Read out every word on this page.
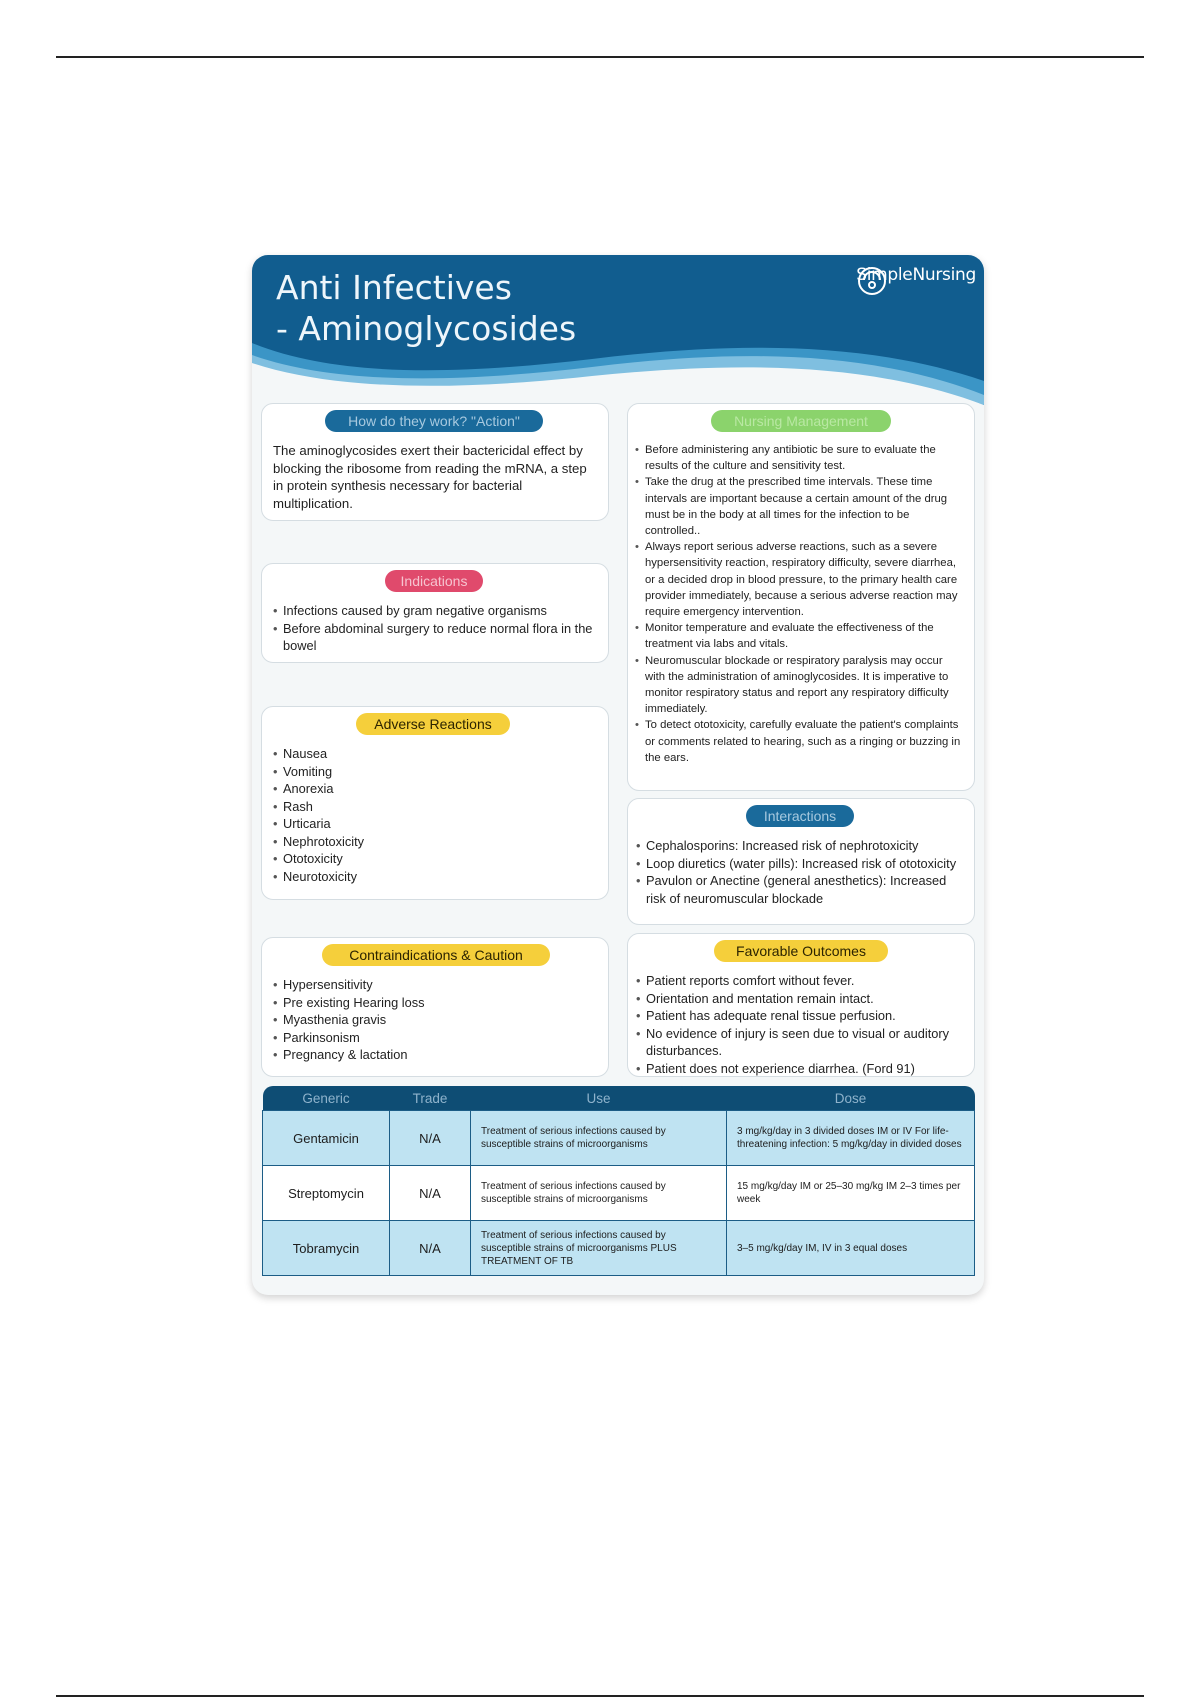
Anti Infectives
- Aminoglycosides
SimpleNursing
How do they work? "Action"

The aminoglycosides exert their bactericidal effect by blocking the ribosome from reading the mRNA, a step in protein synthesis necessary for bacterial multiplication.

Indications
• Infections caused by gram negative organisms
• Before abdominal surgery to reduce normal flora in the bowel
Adverse Reactions
• Nausea
• Vomiting
• Anorexia
• Rash
• Urticaria
• Nephrotoxicity
• Ototoxicity
• Neurotoxicity
Contraindications & Caution
• Hypersensitivity
• Pre existing Hearing loss
• Myasthenia gravis
• Parkinsonism
• Pregnancy & lactation
Nursing Management
• Before administering any antibiotic be sure to evaluate the results of the culture and sensitivity test.
• Take the drug at the prescribed time intervals. These time intervals are important because a certain amount of the drug must be in the body at all times for the infection to be controlled..
• Always report serious adverse reactions, such as a severe hypersensitivity reaction, respiratory difficulty, severe diarrhea, or a decided drop in blood pressure, to the primary health care provider immediately, because a serious adverse reaction may require emergency intervention.
• Monitor temperature and evaluate the effectiveness of the treatment via labs and vitals.
• Neuromuscular blockade or respiratory paralysis may occur with the administration of aminoglycosides. It is imperative to monitor respiratory status and report any respiratory difficulty immediately.
• To detect ototoxicity, carefully evaluate the patient's complaints or comments related to hearing, such as a ringing or buzzing in the ears.
Interactions
• Cephalosporins: Increased risk of nephrotoxicity
• Loop diuretics (water pills): Increased risk of ototoxicity
• Pavulon or Anectine (general anesthetics): Increased risk of neuromuscular blockade
Favorable Outcomes
• Patient reports comfort without fever.
• Orientation and mentation remain intact.
• Patient has adequate renal tissue perfusion.
• No evidence of injury is seen due to visual or auditory disturbances.
• Patient does not experience diarrhea. (Ford 91)
Generic	Trade	Use	Dose
Gentamicin	N/A	Treatment of serious infections caused by susceptible strains of microorganisms	3 mg/kg/day in 3 divided doses IM or IV For life-threatening infection: 5 mg/kg/day in divided doses
Streptomycin	N/A	Treatment of serious infections caused by susceptible strains of microorganisms	15 mg/kg/day IM or 25–30 mg/kg IM 2–3 times per week
Tobramycin	N/A	Treatment of serious infections caused by susceptible strains of microorganisms PLUS TREATMENT OF TB	3–5 mg/kg/day IM, IV in 3 equal doses
